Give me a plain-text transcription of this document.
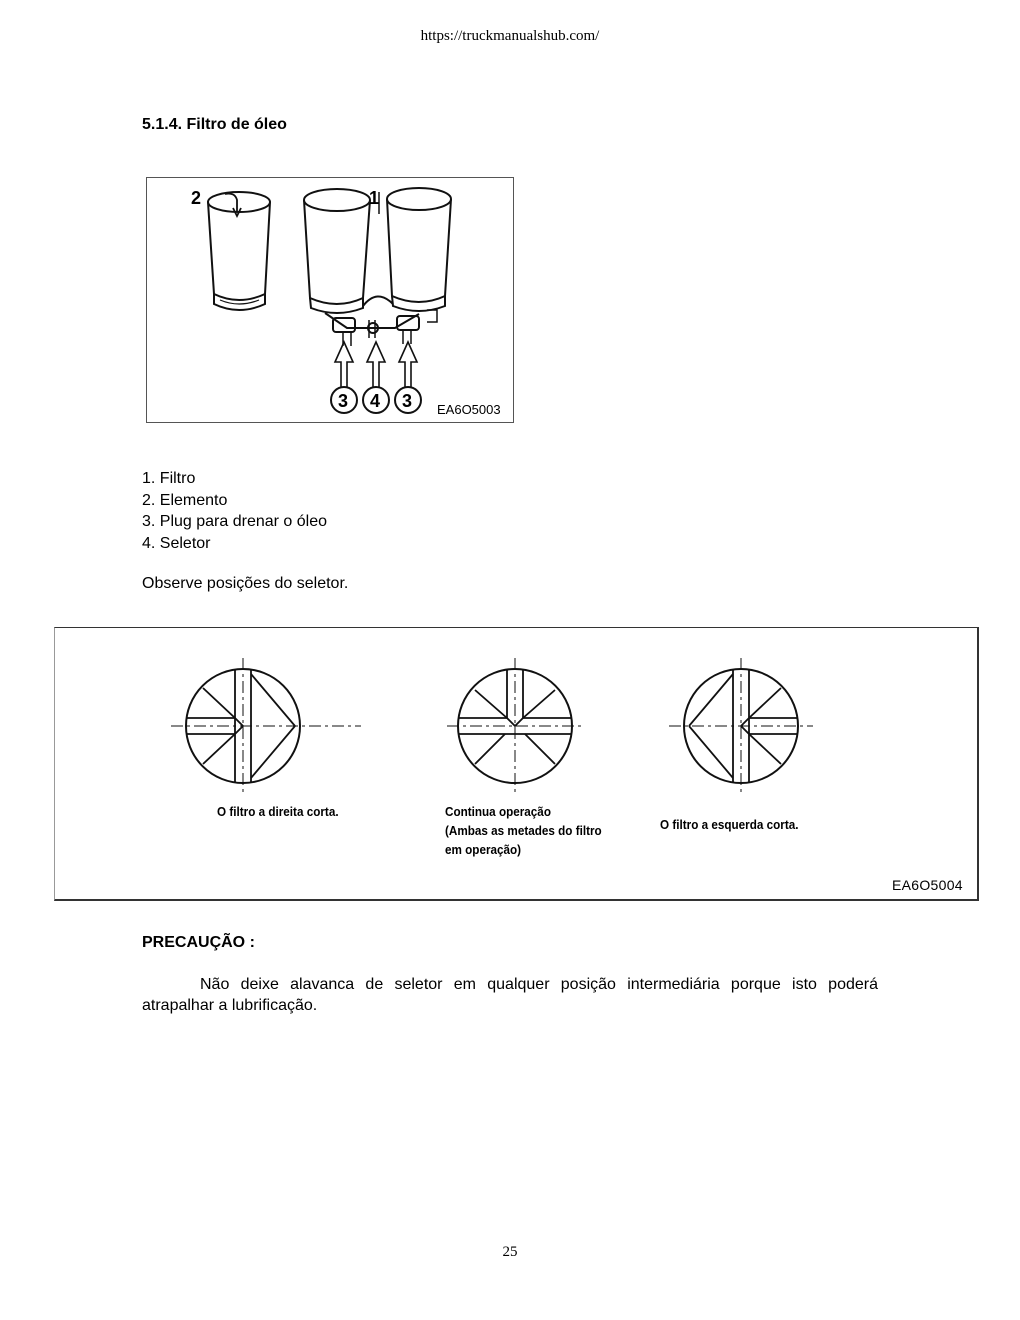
https://truckmanualshub.com/
5.1.4. Filtro de óleo
2	1
3 4 3 EA6O5003
1. Filtro
2. Elemento
3. Plug para drenar o óleo
4. Seletor
Observe posições do seletor.
O filtro a direita corta.	Continua operação
(Ambas as metades do filtro
em operação)
O filtro a esquerda corta.
EA6O5004
PRECAUÇÃO :
Não deixe alavanca de seletor em qualquer posição intermediária porque isto poderá atrapalhar a lubrificação.
25
